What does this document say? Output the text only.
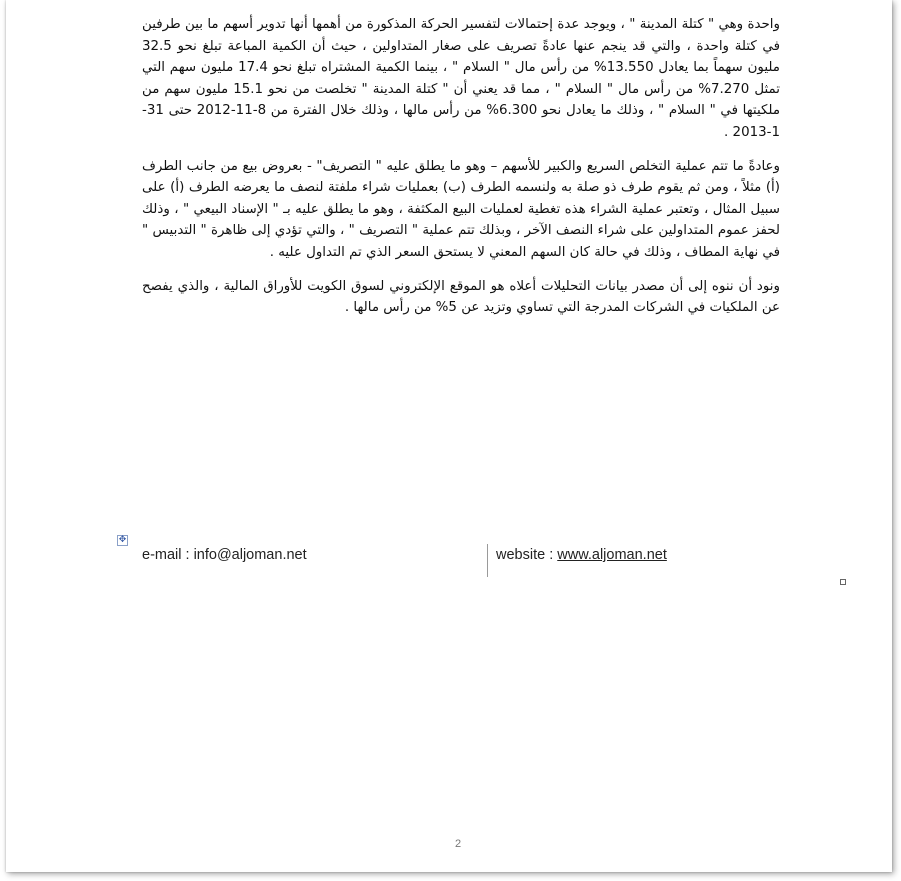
واحدة وهي " كتلة المدينة " ، ويوجد عدة إحتمالات لتفسير الحركة المذكورة من أهمها أنها تدوير أسهم ما بين طرفين في كتلة واحدة ، والتي قد ينجم عنها عادةً تصريف على صغار المتداولين ، حيث أن الكمية المباعة تبلغ نحو 32.5 مليون سهماً بما يعادل 13.550% من رأس مال " السلام " ، بينما الكمية المشتراه تبلغ نحو 17.4 مليون سهم التي تمثل 7.270% من رأس مال " السلام " ، مما قد يعني أن " كتلة المدينة " تخلصت من نحو 15.1 مليون سهم من ملكيتها في " السلام " ، وذلك ما يعادل نحو 6.300% من رأس مالها ، وذلك خلال الفترة من 8-11-2012 حتى 31-1-2013 .

وعادةً ما تتم عملية التخلص السريع والكبير للأسهم – وهو ما يطلق عليه " التصريف" - بعروض بيع من جانب الطرف (أ) مثلاً ، ومن ثم يقوم طرف ذو صلة به ولنسمه الطرف (ب) بعمليات شراء ملفتة لنصف ما يعرضه الطرف (أ) على سبيل المثال ، وتعتبر عملية الشراء هذه تغطية لعمليات البيع المكثفة ، وهو ما يطلق عليه بـ " الإسناد البيعي " ، وذلك لحفز عموم المتداولين على شراء النصف الآخر ، وبذلك تتم عملية " التصريف " ، والتي تؤدي إلى ظاهرة " التدبيس " في نهاية المطاف ، وذلك في حالة كان السهم المعني لا يستحق السعر الذي تم التداول عليه .

ونود أن ننوه إلى أن مصدر بيانات التحليلات أعلاه هو الموقع الإلكتروني لسوق الكويت للأوراق المالية ، والذي يفصح عن الملكيات في الشركات المدرجة التي تساوي وتزيد عن 5% من رأس مالها .

✥
e-mail : info@aljoman.net	website : www.aljoman.net
2
